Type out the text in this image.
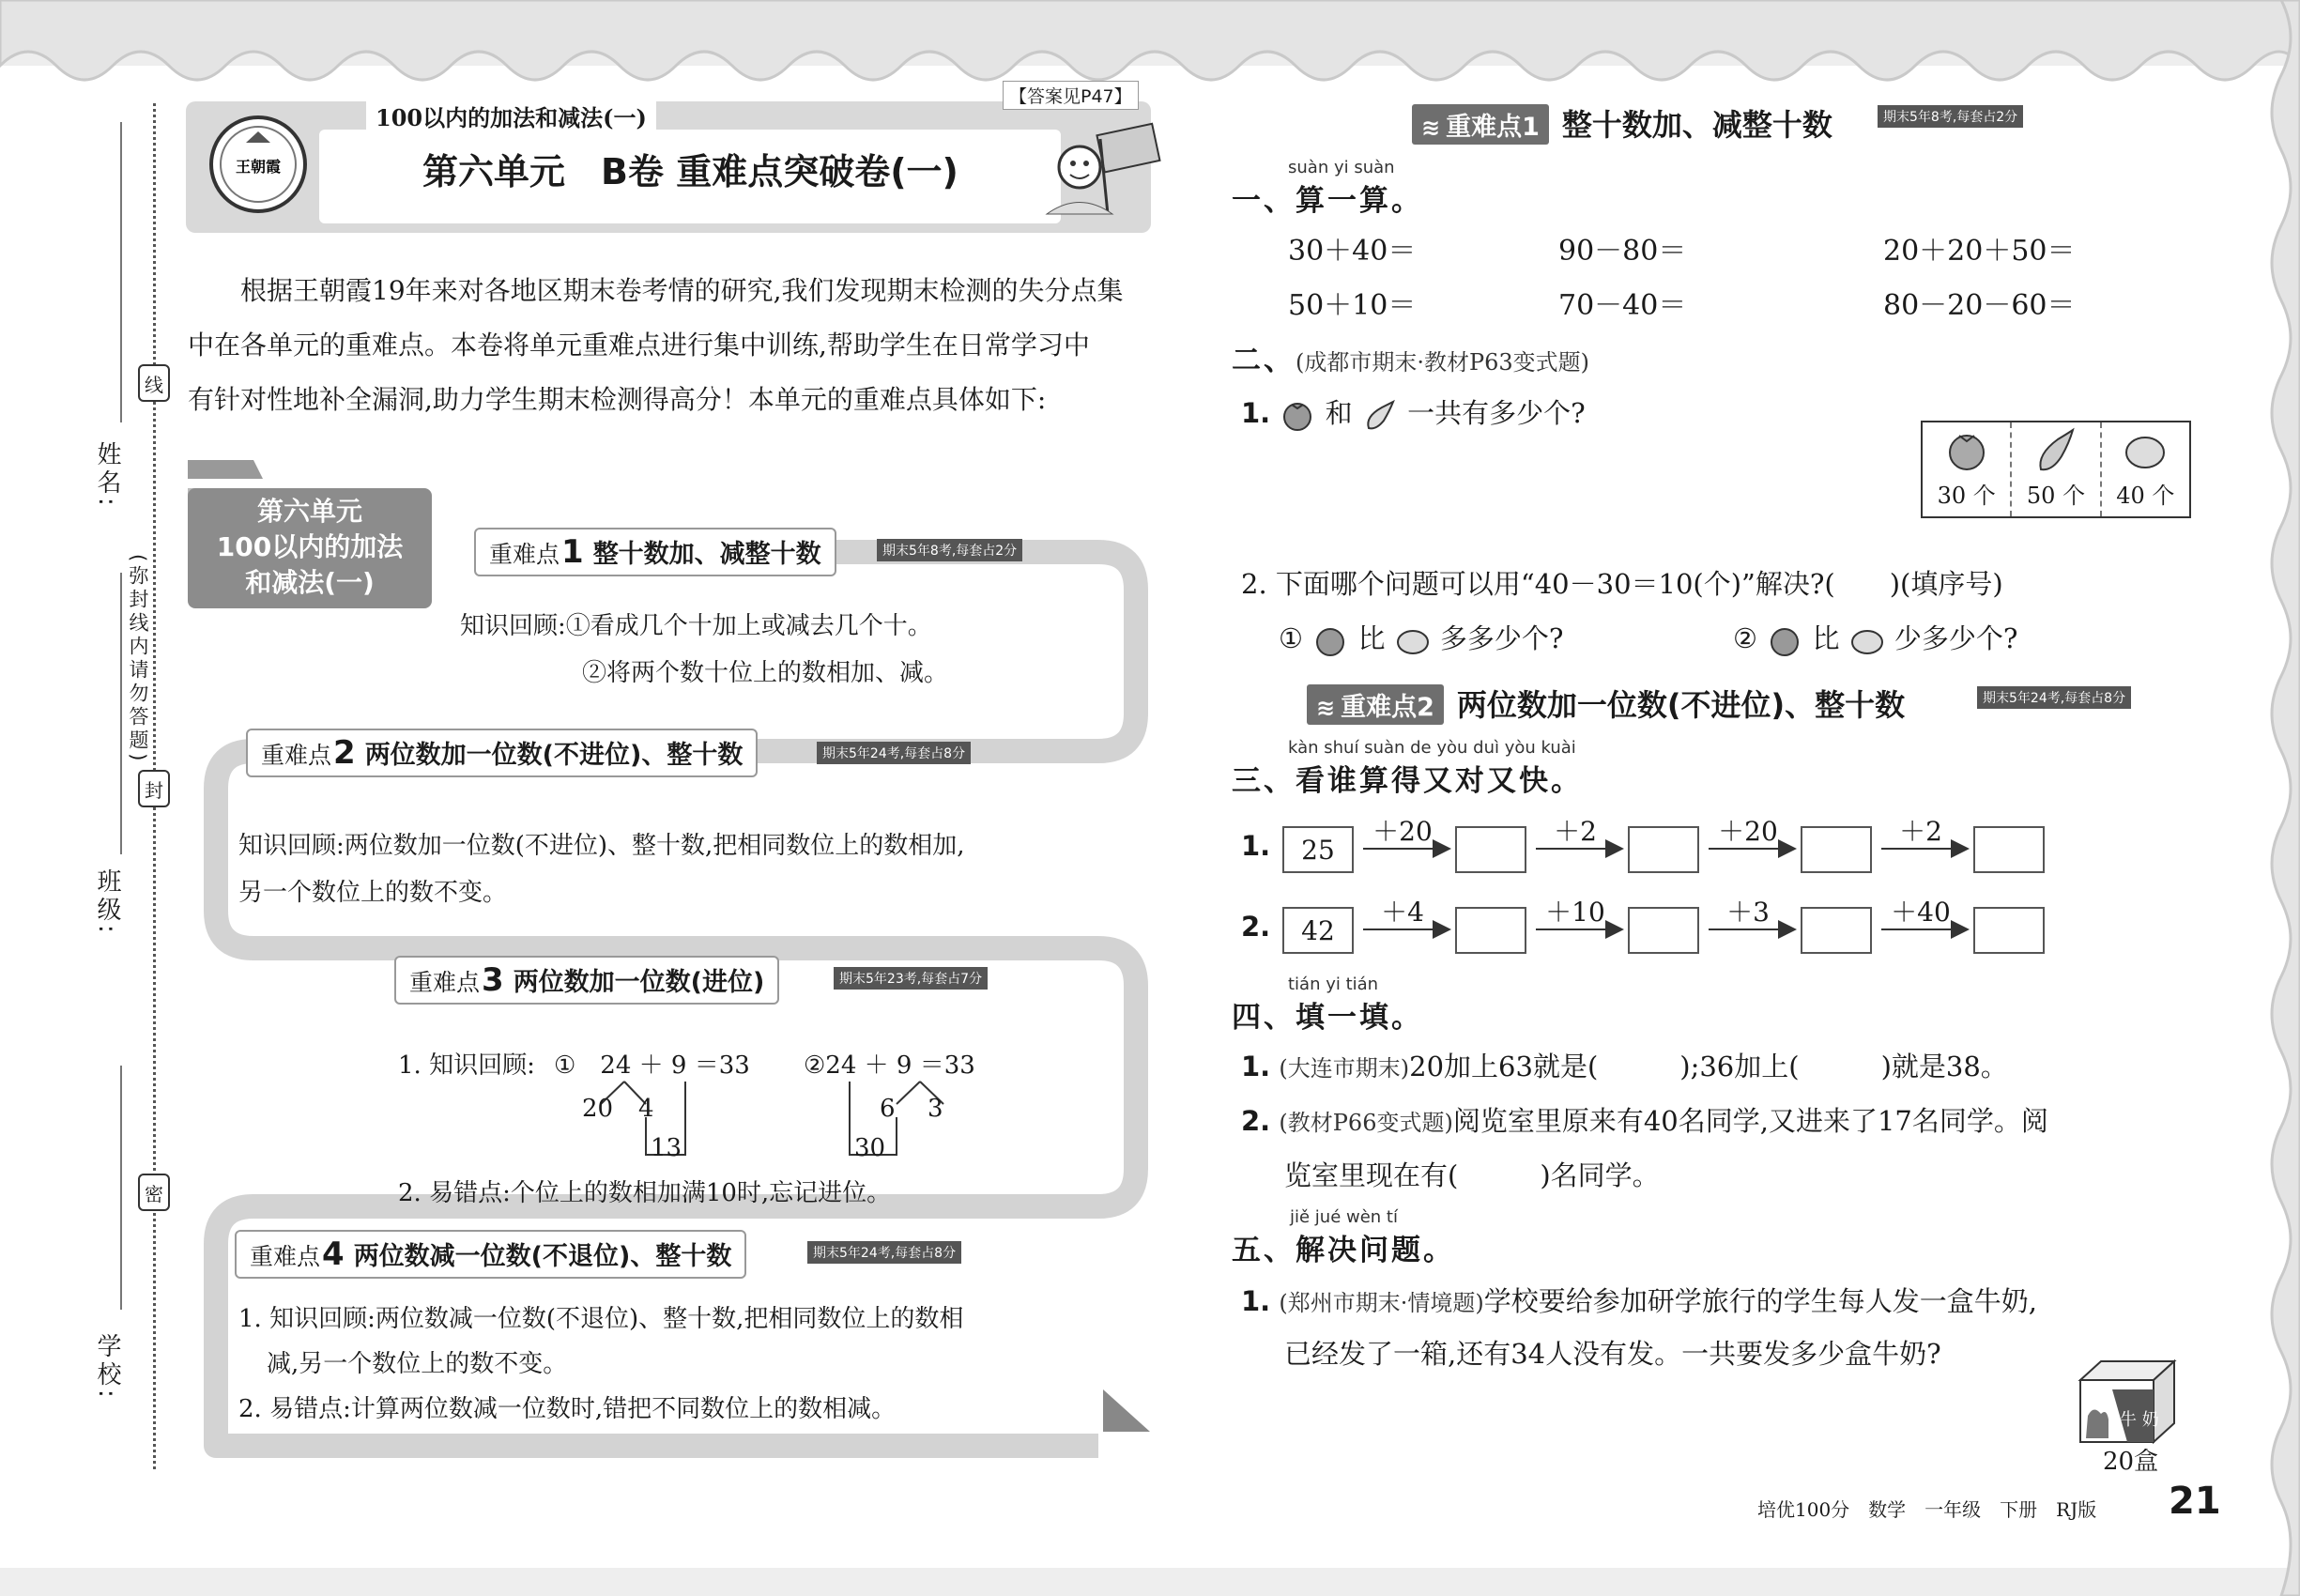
姓名:
(弥封线内请勿答题)
班级:
学校:
线
封
密
王朝霞
100以内的加法和减法(一)
【答案见P47】
第六单元　B卷 重难点突破卷(一)
根据王朝霞19年来对各地区期末卷考情的研究,我们发现期末检测的失分点集
中在各单元的重难点。本卷将单元重难点进行集中训练,帮助学生在日常学习中
有针对性地补全漏洞,助力学生期末检测得高分！本单元的重难点具体如下:
第六单元
100以内的加法
和减法(一)
重难点1 整十数加、减整十数	期末5年8考,每套占2分
知识回顾:①看成几个十加上或减去几个十。
②将两个数十位上的数相加、减。
重难点2 两位数加一位数(不进位)、整十数	期末5年24考,每套占8分
知识回顾:两位数加一位数(不进位)、整十数,把相同数位上的数相加,
另一个数位上的数不变。
重难点3 两位数加一位数(进位)	期末5年23考,每套占7分
1. 知识回顾: ①　24 ＋ 9 ＝33 ②24 ＋ 9 ＝33
20 4
13
6 3
30
2. 易错点:个位上的数相加满10时,忘记进位。
重难点4 两位数减一位数(不退位)、整十数	期末5年24考,每套占8分
1. 知识回顾:两位数减一位数(不退位)、整十数,把相同数位上的数相
减,另一个数位上的数不变。
2. 易错点:计算两位数减一位数时,错把不同数位上的数相减。
≋ 重难点1 整十数加、减整十数	期末5年8考,每套占2分
suàn yi suàn
一、算一算。
30＋40＝	90－80＝	20＋20＋50＝
50＋10＝	70－40＝	80－20－60＝
二、(成都市期末·教材P63变式题)
1. 和 一共有多少个?
30 个	50 个	40 个
2. 下面哪个问题可以用“40－30＝10(个)”解决?(　　)(填序号)
① 比 多多少个?	② 比 少多少个?
≋ 重难点2 两位数加一位数(不进位)、整十数	期末5年24考,每套占8分
kàn shuí suàn de yòu duì yòu kuài
三、看谁算得又对又快。
1.	25
＋20	＋2	＋20	＋2
2.	42
＋4	＋10	＋3	＋40
tián yi tián
四、填一填。
1. (大连市期末)20加上63就是(　　　);36加上(　　　)就是38。
2. (教材P66变式题)阅览室里原来有40名同学,又进来了17名同学。阅
览室里现在有(　　　)名同学。
jiě jué wèn tí
五、解决问题。
1. (郑州市期末·情境题)学校要给参加研学旅行的学生每人发一盒牛奶,
已经发了一箱,还有34人没有发。一共要发多少盒牛奶?
牛 奶
20盒
培优100分　数学　一年级　下册　RJ版 21
